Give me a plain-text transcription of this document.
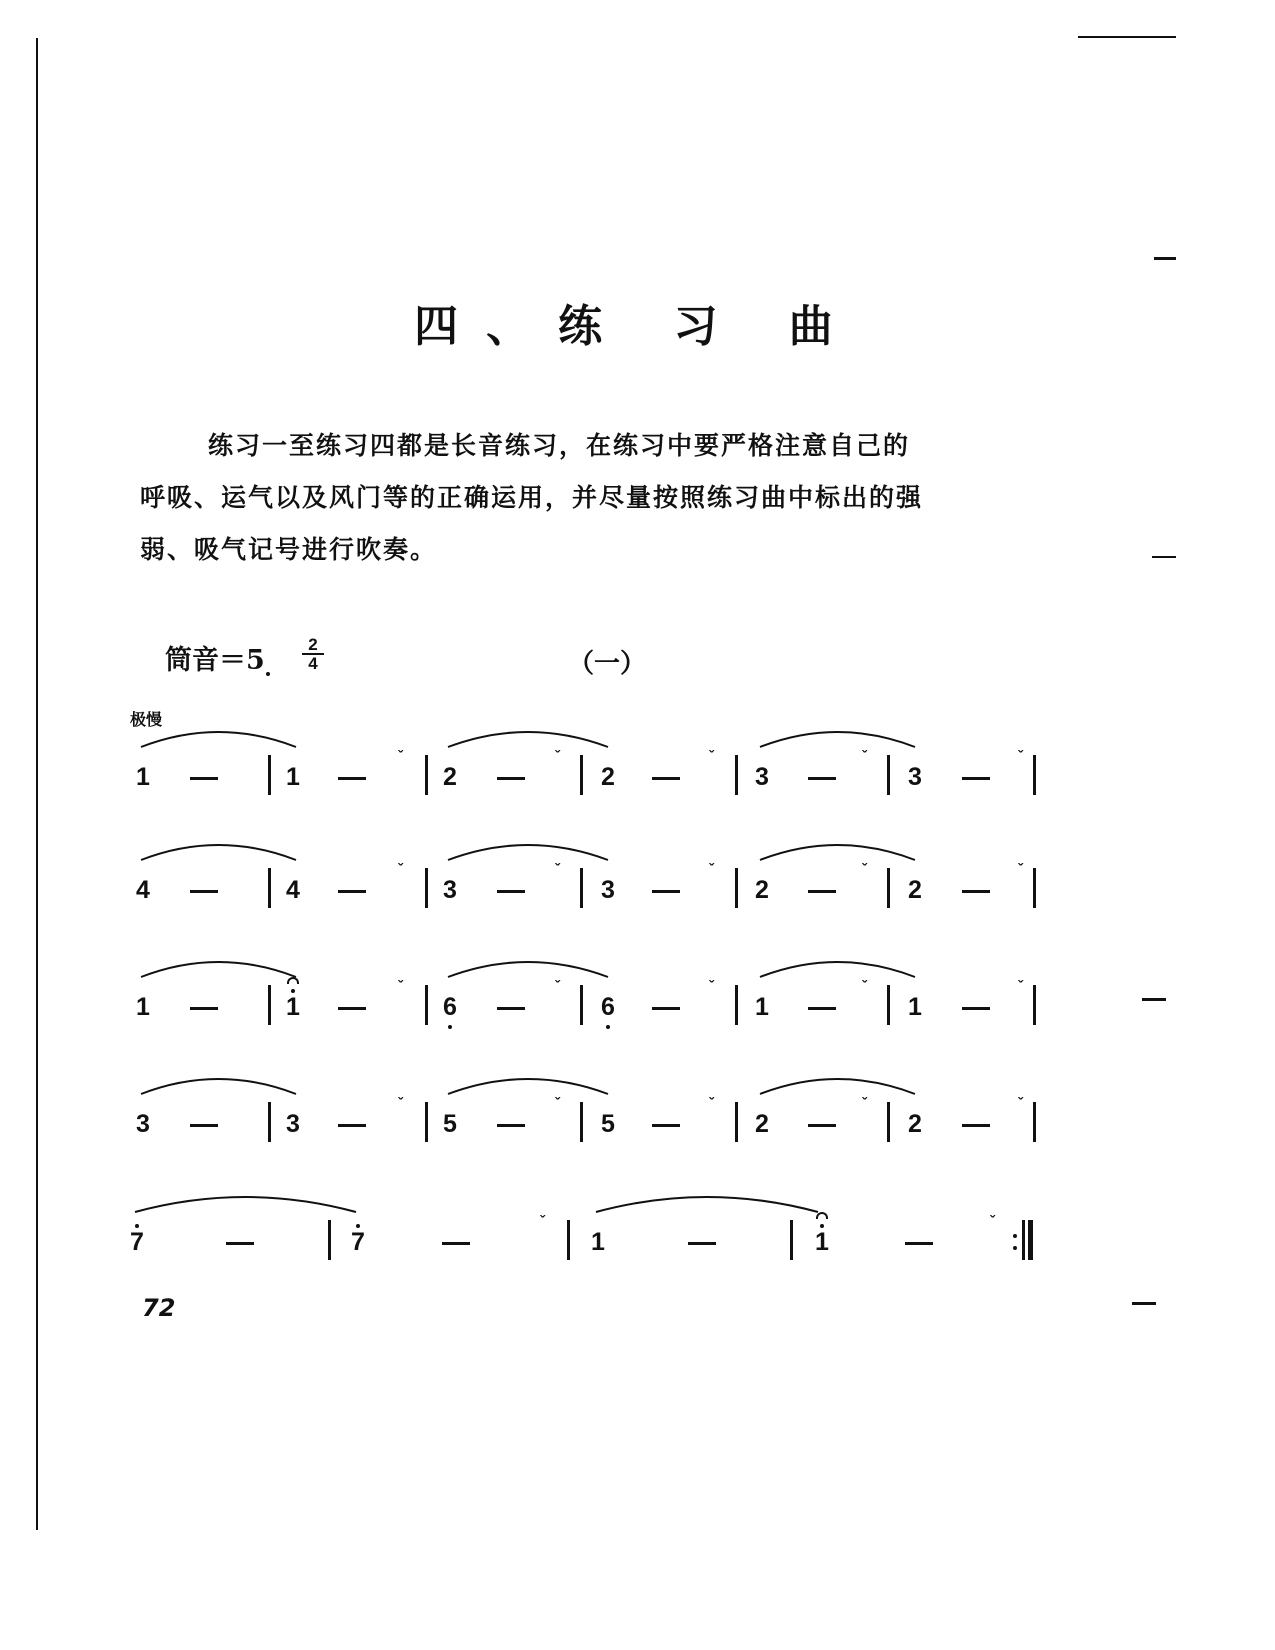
四、练 习 曲

练习一至练习四都是长音练习，在练习中要严格注意自己的

呼吸、运气以及风门等的正确运用，并尽量按照练习曲中标出的强

弱、吸气记号进行吹奏。

筒音$=5 \frac{2}{4}$	（一）
极慢
1	1	2	2	3	3
ˇ	ˇ	ˇ	ˇ	ˇ
4	4	3	3	2	2
ˇ	ˇ	ˇ	ˇ	ˇ
1	1	6	6	1	1
ˇ	ˇ	ˇ	ˇ	ˇ
3	3	5	5	2	2
ˇ	ˇ	ˇ	ˇ	ˇ
7	7	1	1
ˇ	ˇ
72
